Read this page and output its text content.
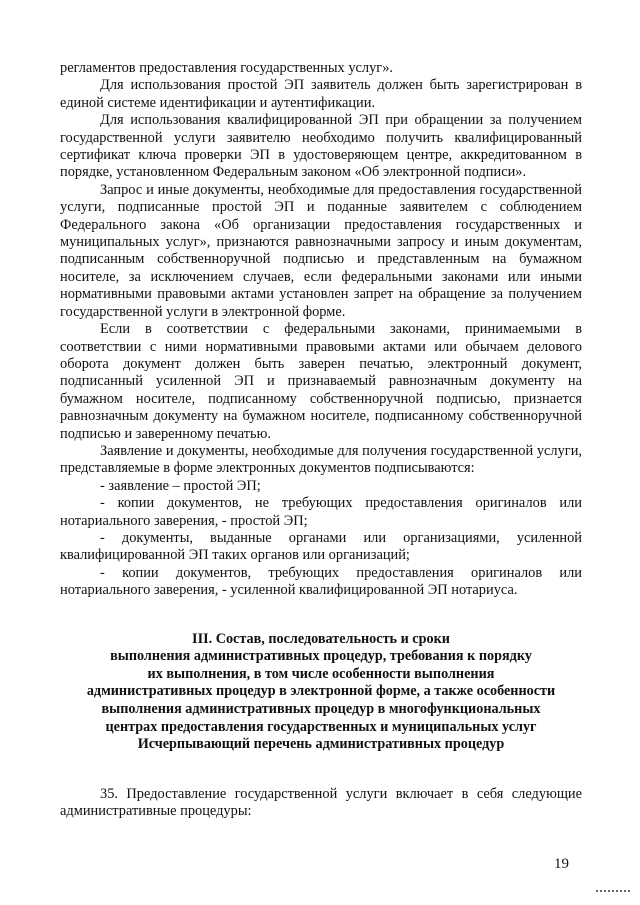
регламентов предоставления государственных услуг».

Для использования простой ЭП заявитель должен быть зарегистрирован в единой системе идентификации и аутентификации.

Для использования квалифицированной ЭП при обращении за получением государственной услуги заявителю необходимо получить квалифицированный сертификат ключа проверки ЭП в удостоверяющем центре, аккредитованном в порядке, установленном Федеральным законом «Об электронной подписи».

Запрос и иные документы, необходимые для предоставления государственной услуги, подписанные простой ЭП и поданные заявителем с соблюдением Федерального закона «Об организации предоставления государственных и муниципальных услуг», признаются равнозначными запросу и иным документам, подписанным собственноручной подписью и представленным на бумажном носителе, за исключением случаев, если федеральными законами или иными нормативными правовыми актами установлен запрет на обращение за получением государственной услуги в электронной форме.

Если в соответствии с федеральными законами, принимаемыми в соответствии с ними нормативными правовыми актами или обычаем делового оборота документ должен быть заверен печатью, электронный документ, подписанный усиленной ЭП и признаваемый равнозначным документу на бумажном носителе, подписанному собственноручной подписью, признается равнозначным документу на бумажном носителе, подписанному собственноручной подписью и заверенному печатью.

Заявление и документы, необходимые для получения государственной услуги, представляемые в форме электронных документов подписываются:

- заявление – простой ЭП;

- копии документов, не требующих предоставления оригиналов или нотариального заверения, - простой ЭП;

- документы, выданные органами или организациями, усиленной квалифицированной ЭП таких органов или организаций;

- копии документов, требующих предоставления оригиналов или нотариального заверения, - усиленной квалифицированной ЭП нотариуса.

III. Состав, последовательность и сроки
выполнения административных процедур, требования к порядку
их выполнения, в том числе особенности выполнения
административных процедур в электронной форме, а также особенности
выполнения административных процедур в многофункциональных
центрах предоставления государственных и муниципальных услуг
Исчерпывающий перечень административных процедур

35. Предоставление государственной услуги включает в себя следующие административные процедуры:

19
